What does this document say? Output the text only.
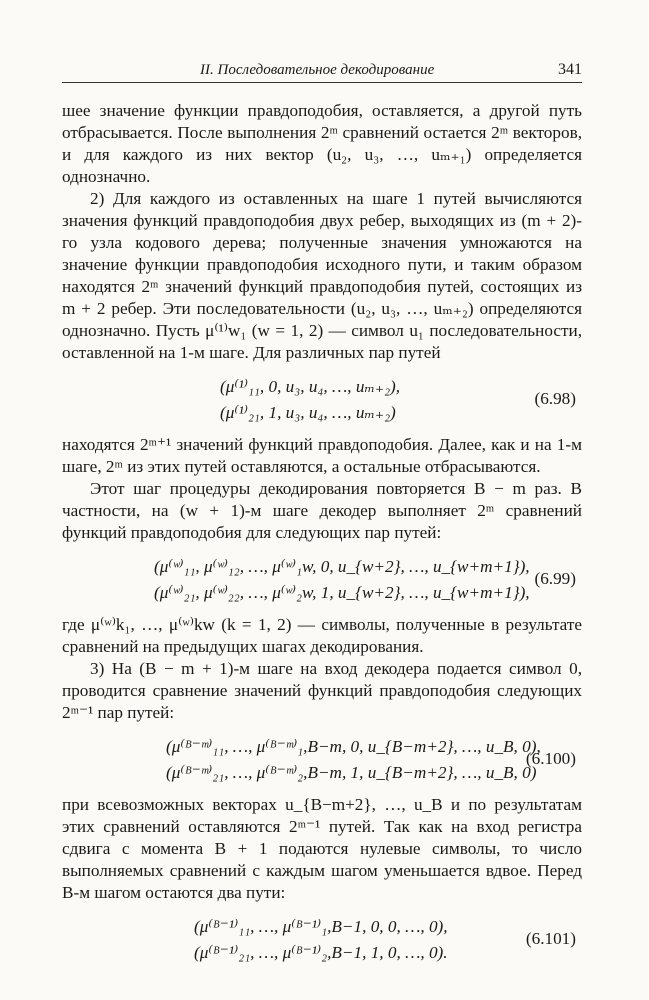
II. Последовательное декодирование	341

шее значение функции правдоподобия, оставляется, а другой путь отбрасывается. После выполнения 2ᵐ сравнений остается 2ᵐ векторов, и для каждого из них вектор (u₂, u₃, …, uₘ₊₁) определяется однозначно.

2) Для каждого из оставленных на шаге 1 путей вычисляются значения функций правдоподобия двух ребер, выходящих из (m + 2)-го узла кодового дерева; полученные значения умножаются на значение функции правдоподобия исходного пути, и таким образом находятся 2ᵐ значений функций правдоподобия путей, состоящих из m + 2 ребер. Эти последовательности (u₂, u₃, …, uₘ₊₂) определяются однозначно. Пусть μ⁽¹⁾w₁ (w = 1, 2) — символ u₁ последовательности, оставленной на 1-м шаге. Для различных пар путей

(μ⁽¹⁾₁₁, 0, u₃, u₄, …, uₘ₊₂),
(μ⁽¹⁾₂₁, 1, u₃, u₄, …, uₘ₊₂)
(6.98)

находятся 2ᵐ⁺¹ значений функций правдоподобия. Далее, как и на 1-м шаге, 2ᵐ из этих путей оставляются, а остальные отбрасываются.

Этот шаг процедуры декодирования повторяется B − m раз. В частности, на (w + 1)-м шаге декодер выполняет 2ᵐ сравнений функций правдоподобия для следующих пар путей:

(μ⁽ʷ⁾₁₁, μ⁽ʷ⁾₁₂, …, μ⁽ʷ⁾₁w, 0, u_{w+2}, …, u_{w+m+1}),
(μ⁽ʷ⁾₂₁, μ⁽ʷ⁾₂₂, …, μ⁽ʷ⁾₂w, 1, u_{w+2}, …, u_{w+m+1}),
(6.99)

где μ⁽ʷ⁾k₁, …, μ⁽ʷ⁾kw (k = 1, 2) — символы, полученные в результате сравнений на предыдущих шагах декодирования.

3) На (B − m + 1)-м шаге на вход декодера подается символ 0, проводится сравнение значений функций правдоподобия следующих 2ᵐ⁻¹ пар путей:

(μ⁽ᴮ⁻ᵐ⁾₁₁, …, μ⁽ᴮ⁻ᵐ⁾₁,B−m, 0, u_{B−m+2}, …, u_B, 0),
(μ⁽ᴮ⁻ᵐ⁾₂₁, …, μ⁽ᴮ⁻ᵐ⁾₂,B−m, 1, u_{B−m+2}, …, u_B, 0)
(6.100)

при всевозможных векторах u_{B−m+2}, …, u_B и по результатам этих сравнений оставляются 2ᵐ⁻¹ путей. Так как на вход регистра сдвига с момента B + 1 подаются нулевые символы, то число выполняемых сравнений с каждым шагом уменьшается вдвое. Перед B-м шагом остаются два пути:

(μ⁽ᴮ⁻¹⁾₁₁, …, μ⁽ᴮ⁻¹⁾₁,B−1, 0, 0, …, 0),
(μ⁽ᴮ⁻¹⁾₂₁, …, μ⁽ᴮ⁻¹⁾₂,B−1, 1, 0, …, 0).
(6.101)
